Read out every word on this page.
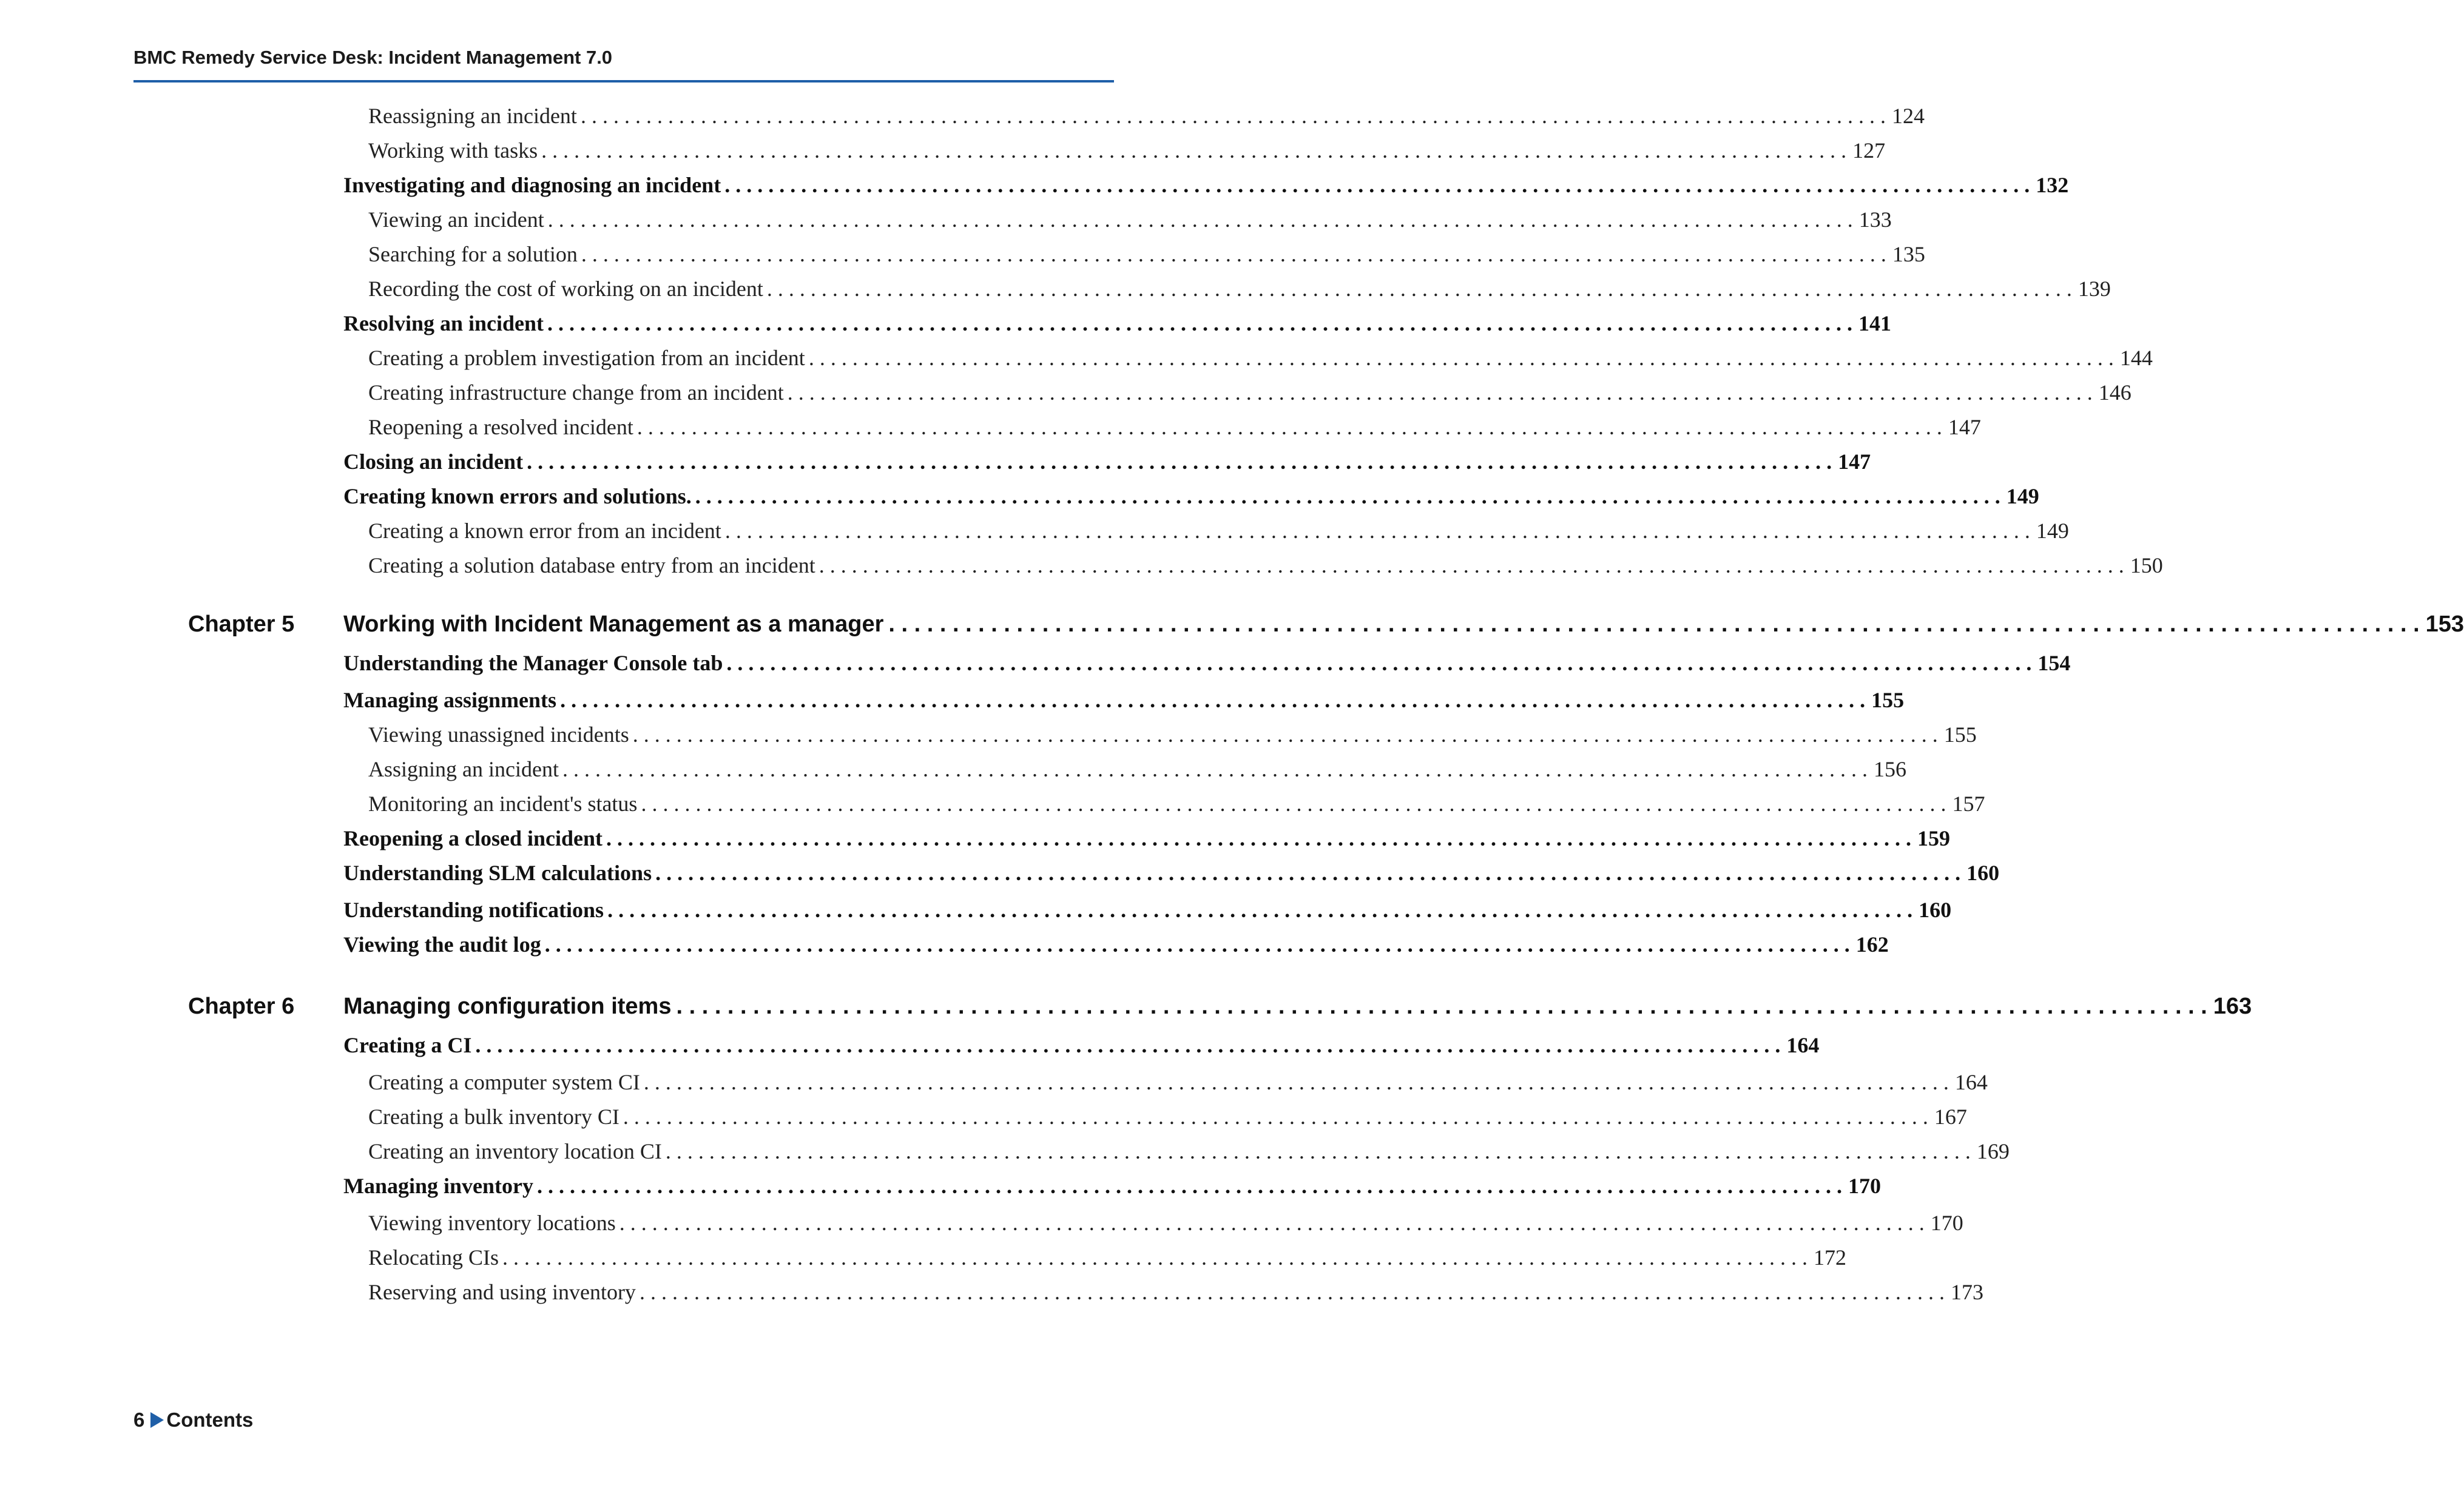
BMC Remedy Service Desk: Incident Management 7.0
Reassigning an incident . . . . . . . . . . . . . . . . . . . . . . . . . . . . . . . . . . . . . . . . . . . . . . . . . . . . . . . . . . . . . . . . . . . . . . . . . . . . . . . . . . . . . . . . . . . . . . . . . . . . . . . . . . . . . . . . . . . . . . . . 124
Working with tasks . . . . . . . . . . . . . . . . . . . . . . . . . . . . . . . . . . . . . . . . . . . . . . . . . . . . . . . . . . . . . . . . . . . . . . . . . . . . . . . . . . . . . . . . . . . . . . . . . . . . . . . . . . . . . . . . . . . . . . . . 127
Investigating and diagnosing an incident . . . . . . . . . . . . . . . . . . . . . . . . . . . . . . . . . . . . . . . . . . . . . . . . . . . . . . . . . . . . . . . . . . . . . . . . . . . . . . . . . . . . . . . . . . . . . . . . . . . . . . . . . . . . . . . . . . . . . . . . 132
Viewing an incident . . . . . . . . . . . . . . . . . . . . . . . . . . . . . . . . . . . . . . . . . . . . . . . . . . . . . . . . . . . . . . . . . . . . . . . . . . . . . . . . . . . . . . . . . . . . . . . . . . . . . . . . . . . . . . . . . . . . . . . . 133
Searching for a solution . . . . . . . . . . . . . . . . . . . . . . . . . . . . . . . . . . . . . . . . . . . . . . . . . . . . . . . . . . . . . . . . . . . . . . . . . . . . . . . . . . . . . . . . . . . . . . . . . . . . . . . . . . . . . . . . . . . . . . . . 135
Recording the cost of working on an incident . . . . . . . . . . . . . . . . . . . . . . . . . . . . . . . . . . . . . . . . . . . . . . . . . . . . . . . . . . . . . . . . . . . . . . . . . . . . . . . . . . . . . . . . . . . . . . . . . . . . . . . . . . . . . . . . . . . . . . . . 139
Resolving an incident . . . . . . . . . . . . . . . . . . . . . . . . . . . . . . . . . . . . . . . . . . . . . . . . . . . . . . . . . . . . . . . . . . . . . . . . . . . . . . . . . . . . . . . . . . . . . . . . . . . . . . . . . . . . . . . . . . . . . . . . 141
Creating a problem investigation from an incident . . . . . . . . . . . . . . . . . . . . . . . . . . . . . . . . . . . . . . . . . . . . . . . . . . . . . . . . . . . . . . . . . . . . . . . . . . . . . . . . . . . . . . . . . . . . . . . . . . . . . . . . . . . . . . . . . . . . . . . . 144
Creating infrastructure change from an incident . . . . . . . . . . . . . . . . . . . . . . . . . . . . . . . . . . . . . . . . . . . . . . . . . . . . . . . . . . . . . . . . . . . . . . . . . . . . . . . . . . . . . . . . . . . . . . . . . . . . . . . . . . . . . . . . . . . . . . . . 146
Reopening a resolved incident . . . . . . . . . . . . . . . . . . . . . . . . . . . . . . . . . . . . . . . . . . . . . . . . . . . . . . . . . . . . . . . . . . . . . . . . . . . . . . . . . . . . . . . . . . . . . . . . . . . . . . . . . . . . . . . . . . . . . . . . 147
Closing an incident . . . . . . . . . . . . . . . . . . . . . . . . . . . . . . . . . . . . . . . . . . . . . . . . . . . . . . . . . . . . . . . . . . . . . . . . . . . . . . . . . . . . . . . . . . . . . . . . . . . . . . . . . . . . . . . . . . . . . . . . 147
Creating known errors and solutions. . . . . . . . . . . . . . . . . . . . . . . . . . . . . . . . . . . . . . . . . . . . . . . . . . . . . . . . . . . . . . . . . . . . . . . . . . . . . . . . . . . . . . . . . . . . . . . . . . . . . . . . . . . . . . . . . . . . . . . . . 149
Creating a known error from an incident . . . . . . . . . . . . . . . . . . . . . . . . . . . . . . . . . . . . . . . . . . . . . . . . . . . . . . . . . . . . . . . . . . . . . . . . . . . . . . . . . . . . . . . . . . . . . . . . . . . . . . . . . . . . . . . . . . . . . . . . 149
Creating a solution database entry from an incident . . . . . . . . . . . . . . . . . . . . . . . . . . . . . . . . . . . . . . . . . . . . . . . . . . . . . . . . . . . . . . . . . . . . . . . . . . . . . . . . . . . . . . . . . . . . . . . . . . . . . . . . . . . . . . . . . . . . . . . . 150
Chapter 5	Working with Incident Management as a manager . . . . . . . . . . . . . . . . . . . . . . . . . . . . . . . . . . . . . . . . . . . . . . . . . . . . . . . . . . . . . . . . . . . . . . . . . . . . . . . . . . . . . . . . . . . . . . . . . . . . . . . . . . . . . . . . . . . . . . . . 153
Understanding the Manager Console tab . . . . . . . . . . . . . . . . . . . . . . . . . . . . . . . . . . . . . . . . . . . . . . . . . . . . . . . . . . . . . . . . . . . . . . . . . . . . . . . . . . . . . . . . . . . . . . . . . . . . . . . . . . . . . . . . . . . . . . . . 154
Managing assignments . . . . . . . . . . . . . . . . . . . . . . . . . . . . . . . . . . . . . . . . . . . . . . . . . . . . . . . . . . . . . . . . . . . . . . . . . . . . . . . . . . . . . . . . . . . . . . . . . . . . . . . . . . . . . . . . . . . . . . . . 155
Viewing unassigned incidents . . . . . . . . . . . . . . . . . . . . . . . . . . . . . . . . . . . . . . . . . . . . . . . . . . . . . . . . . . . . . . . . . . . . . . . . . . . . . . . . . . . . . . . . . . . . . . . . . . . . . . . . . . . . . . . . . . . . . . . . 155
Assigning an incident . . . . . . . . . . . . . . . . . . . . . . . . . . . . . . . . . . . . . . . . . . . . . . . . . . . . . . . . . . . . . . . . . . . . . . . . . . . . . . . . . . . . . . . . . . . . . . . . . . . . . . . . . . . . . . . . . . . . . . . . 156
Monitoring an incident's status . . . . . . . . . . . . . . . . . . . . . . . . . . . . . . . . . . . . . . . . . . . . . . . . . . . . . . . . . . . . . . . . . . . . . . . . . . . . . . . . . . . . . . . . . . . . . . . . . . . . . . . . . . . . . . . . . . . . . . . . 157
Reopening a closed incident . . . . . . . . . . . . . . . . . . . . . . . . . . . . . . . . . . . . . . . . . . . . . . . . . . . . . . . . . . . . . . . . . . . . . . . . . . . . . . . . . . . . . . . . . . . . . . . . . . . . . . . . . . . . . . . . . . . . . . . . 159
Understanding SLM calculations . . . . . . . . . . . . . . . . . . . . . . . . . . . . . . . . . . . . . . . . . . . . . . . . . . . . . . . . . . . . . . . . . . . . . . . . . . . . . . . . . . . . . . . . . . . . . . . . . . . . . . . . . . . . . . . . . . . . . . . . 160
Understanding notifications . . . . . . . . . . . . . . . . . . . . . . . . . . . . . . . . . . . . . . . . . . . . . . . . . . . . . . . . . . . . . . . . . . . . . . . . . . . . . . . . . . . . . . . . . . . . . . . . . . . . . . . . . . . . . . . . . . . . . . . . 160
Viewing the audit log . . . . . . . . . . . . . . . . . . . . . . . . . . . . . . . . . . . . . . . . . . . . . . . . . . . . . . . . . . . . . . . . . . . . . . . . . . . . . . . . . . . . . . . . . . . . . . . . . . . . . . . . . . . . . . . . . . . . . . . . 162
Chapter 6	Managing configuration items . . . . . . . . . . . . . . . . . . . . . . . . . . . . . . . . . . . . . . . . . . . . . . . . . . . . . . . . . . . . . . . . . . . . . . . . . . . . . . . . . . . . . . . . . . . . . . . . . . . . . . . . . . . . . . . . . . . . . . . . 163
Creating a CI . . . . . . . . . . . . . . . . . . . . . . . . . . . . . . . . . . . . . . . . . . . . . . . . . . . . . . . . . . . . . . . . . . . . . . . . . . . . . . . . . . . . . . . . . . . . . . . . . . . . . . . . . . . . . . . . . . . . . . . . 164
Creating a computer system CI . . . . . . . . . . . . . . . . . . . . . . . . . . . . . . . . . . . . . . . . . . . . . . . . . . . . . . . . . . . . . . . . . . . . . . . . . . . . . . . . . . . . . . . . . . . . . . . . . . . . . . . . . . . . . . . . . . . . . . . . 164
Creating a bulk inventory CI . . . . . . . . . . . . . . . . . . . . . . . . . . . . . . . . . . . . . . . . . . . . . . . . . . . . . . . . . . . . . . . . . . . . . . . . . . . . . . . . . . . . . . . . . . . . . . . . . . . . . . . . . . . . . . . . . . . . . . . . 167
Creating an inventory location CI . . . . . . . . . . . . . . . . . . . . . . . . . . . . . . . . . . . . . . . . . . . . . . . . . . . . . . . . . . . . . . . . . . . . . . . . . . . . . . . . . . . . . . . . . . . . . . . . . . . . . . . . . . . . . . . . . . . . . . . . 169
Managing inventory . . . . . . . . . . . . . . . . . . . . . . . . . . . . . . . . . . . . . . . . . . . . . . . . . . . . . . . . . . . . . . . . . . . . . . . . . . . . . . . . . . . . . . . . . . . . . . . . . . . . . . . . . . . . . . . . . . . . . . . . 170
Viewing inventory locations . . . . . . . . . . . . . . . . . . . . . . . . . . . . . . . . . . . . . . . . . . . . . . . . . . . . . . . . . . . . . . . . . . . . . . . . . . . . . . . . . . . . . . . . . . . . . . . . . . . . . . . . . . . . . . . . . . . . . . . . 170
Relocating CIs . . . . . . . . . . . . . . . . . . . . . . . . . . . . . . . . . . . . . . . . . . . . . . . . . . . . . . . . . . . . . . . . . . . . . . . . . . . . . . . . . . . . . . . . . . . . . . . . . . . . . . . . . . . . . . . . . . . . . . . . 172
Reserving and using inventory . . . . . . . . . . . . . . . . . . . . . . . . . . . . . . . . . . . . . . . . . . . . . . . . . . . . . . . . . . . . . . . . . . . . . . . . . . . . . . . . . . . . . . . . . . . . . . . . . . . . . . . . . . . . . . . . . . . . . . . . 173
6 Contents
